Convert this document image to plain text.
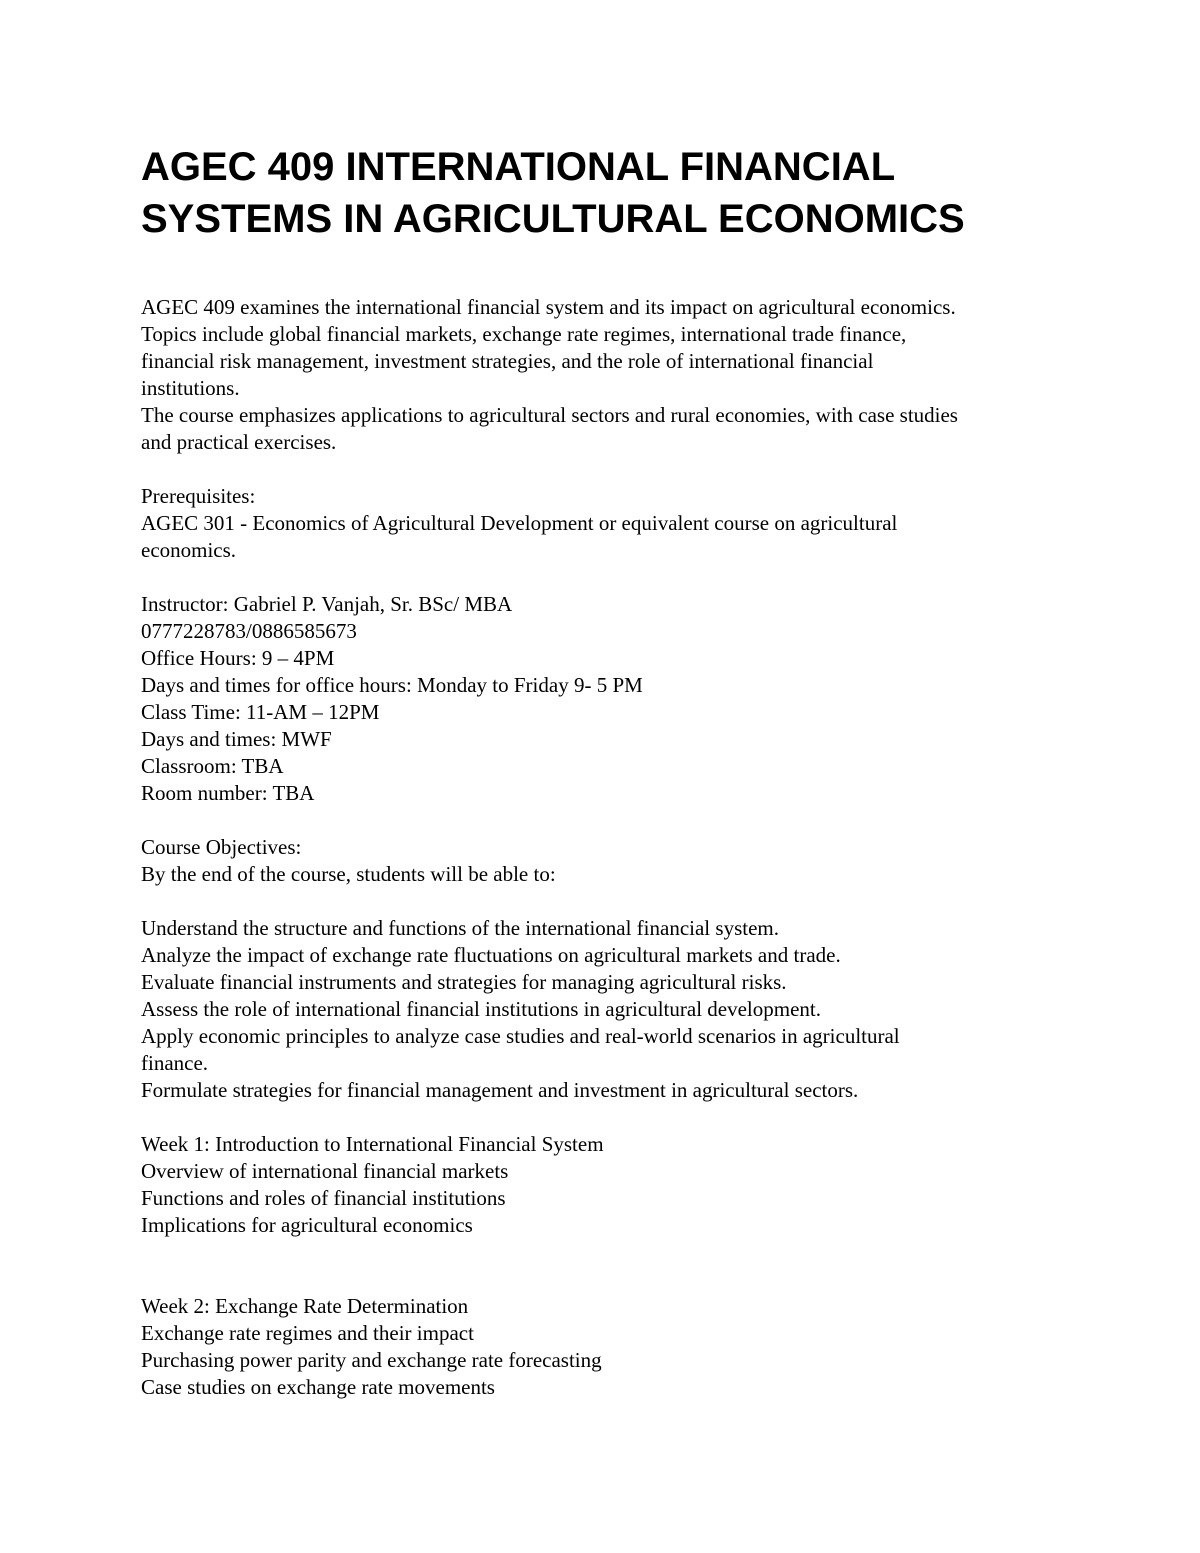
AGEC 409 INTERNATIONAL FINANCIAL
SYSTEMS IN AGRICULTURAL ECONOMICS
AGEC 409 examines the international financial system and its impact on agricultural economics.
Topics include global financial markets, exchange rate regimes, international trade finance,
financial risk management, investment strategies, and the role of international financial
institutions.
The course emphasizes applications to agricultural sectors and rural economies, with case studies
and practical exercises.
Prerequisites:
AGEC 301 - Economics of Agricultural Development or equivalent course on agricultural
economics.
Instructor: Gabriel P. Vanjah, Sr. BSc/ MBA
0777228783/0886585673
Office Hours: 9 – 4PM
Days and times for office hours: Monday to Friday 9- 5 PM
Class Time: 11-AM – 12PM
Days and times: MWF
Classroom: TBA
Room number: TBA
Course Objectives:
By the end of the course, students will be able to:
Understand the structure and functions of the international financial system.
Analyze the impact of exchange rate fluctuations on agricultural markets and trade.
Evaluate financial instruments and strategies for managing agricultural risks.
Assess the role of international financial institutions in agricultural development.
Apply economic principles to analyze case studies and real-world scenarios in agricultural
finance.
Formulate strategies for financial management and investment in agricultural sectors.
Week 1: Introduction to International Financial System
Overview of international financial markets
Functions and roles of financial institutions
Implications for agricultural economics
Week 2: Exchange Rate Determination
Exchange rate regimes and their impact
Purchasing power parity and exchange rate forecasting
Case studies on exchange rate movements
